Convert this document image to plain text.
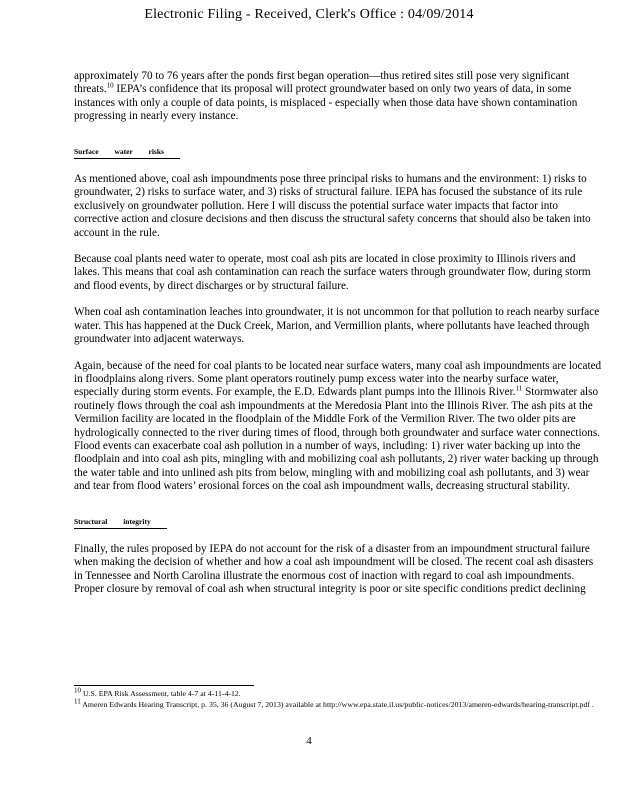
Electronic Filing - Received, Clerk's Office : 04/09/2014

approximately 70 to 76 years after the ponds first began operation—thus retired sites still pose very significant threats.$^{10}$ IEPA’s confidence that its proposal will protect groundwater based on only two years of data, in some instances with only a couple of data points, is misplaced - especially when those data have shown contamination progressing in nearly every instance.

Surface water risks

As mentioned above, coal ash impoundments pose three principal risks to humans and the environment: 1) risks to groundwater, 2) risks to surface water, and 3) risks of structural failure. IEPA has focused the substance of its rule exclusively on groundwater pollution. Here I will discuss the potential surface water impacts that factor into corrective action and closure decisions and then discuss the structural safety concerns that should also be taken into account in the rule.

Because coal plants need water to operate, most coal ash pits are located in close proximity to Illinois rivers and lakes. This means that coal ash contamination can reach the surface waters through groundwater flow, during storm and flood events, by direct discharges or by structural failure.

When coal ash contamination leaches into groundwater, it is not uncommon for that pollution to reach nearby surface water. This has happened at the Duck Creek, Marion, and Vermillion plants, where pollutants have leached through groundwater into adjacent waterways.

Again, because of the need for coal plants to be located near surface waters, many coal ash impoundments are located in floodplains along rivers. Some plant operators routinely pump excess water into the nearby surface water, especially during storm events. For example, the E.D. Edwards plant pumps into the Illinois River.$^{11}$ Stormwater also routinely flows through the coal ash impoundments at the Meredosia Plant into the Illinois River. The ash pits at the Vermilion facility are located in the floodplain of the Middle Fork of the Vermilion River. The two older pits are hydrologically connected to the river during times of flood, through both groundwater and surface water connections. Flood events can exacerbate coal ash pollution in a number of ways, including: 1) river water backing up into the floodplain and into coal ash pits, mingling with and mobilizing coal ash pollutants, 2) river water backing up through the water table and into unlined ash pits from below, mingling with and mobilizing coal ash pollutants, and 3) wear and tear from flood waters’ erosional forces on the coal ash impoundment walls, decreasing structural stability.

Structural integrity

Finally, the rules proposed by IEPA do not account for the risk of a disaster from an impoundment structural failure when making the decision of whether and how a coal ash impoundment will be closed. The recent coal ash disasters in Tennessee and North Carolina illustrate the enormous cost of inaction with regard to coal ash impoundments. Proper closure by removal of coal ash when structural integrity is poor or site specific conditions predict declining

$^{10}$ U.S. EPA Risk Assessment, table 4-7 at 4-11-4-12.

$^{11}$ Ameren Edwards Hearing Transcript, p. 35, 36 (August 7, 2013) available at http://www.epa.state.il.us/public-notices/2013/ameren-edwards/hearing-transcript.pdf .

4
